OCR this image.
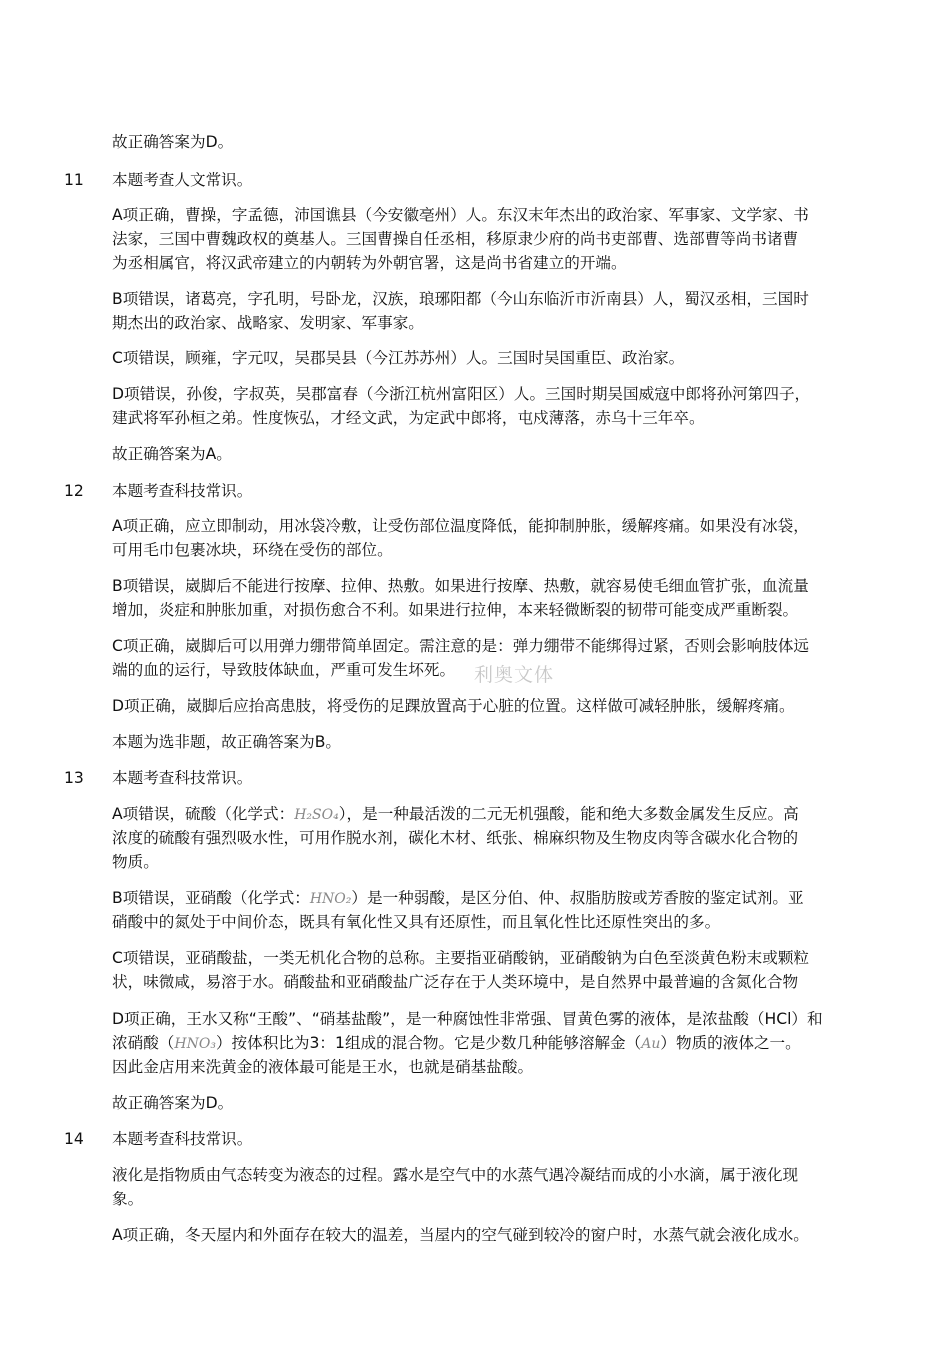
故正确答案为D。
11 本题考查人文常识。
A项正确，曹操，字孟德，沛国谯县（今安徽亳州）人。东汉末年杰出的政治家、军事家、文学家、书
法家，三国中曹魏政权的奠基人。三国曹操自任丞相，移原隶少府的尚书吏部曹、选部曹等尚书诸曹
为丞相属官，将汉武帝建立的内朝转为外朝官署，这是尚书省建立的开端。
B项错误，诸葛亮，字孔明，号卧龙，汉族，琅琊阳都（今山东临沂市沂南县）人，蜀汉丞相，三国时
期杰出的政治家、战略家、发明家、军事家。
C项错误，顾雍，字元叹，吴郡吴县（今江苏苏州）人。三国时吴国重臣、政治家。
D项错误，孙俊，字叔英，吴郡富春（今浙江杭州富阳区）人。三国时期吴国威寇中郎将孙河第四子，
建武将军孙桓之弟。性度恢弘，才经文武，为定武中郎将，屯戍薄落，赤乌十三年卒。
故正确答案为A。
12 本题考查科技常识。
A项正确，应立即制动，用冰袋冷敷，让受伤部位温度降低，能抑制肿胀，缓解疼痛。如果没有冰袋，
可用毛巾包裹冰块，环绕在受伤的部位。
B项错误，崴脚后不能进行按摩、拉伸、热敷。如果进行按摩、热敷，就容易使毛细血管扩张，血流量
增加，炎症和肿胀加重，对损伤愈合不利。如果进行拉伸，本来轻微断裂的韧带可能变成严重断裂。
C项正确，崴脚后可以用弹力绷带简单固定。需注意的是：弹力绷带不能绑得过紧，否则会影响肢体远
端的血的运行，导致肢体缺血，严重可发生坏死。 利奥文体
D项正确，崴脚后应抬高患肢，将受伤的足踝放置高于心脏的位置。这样做可减轻肿胀，缓解疼痛。
本题为选非题，故正确答案为B。
13 本题考查科技常识。
A项错误，硫酸（化学式：H₂SO₄），是一种最活泼的二元无机强酸，能和绝大多数金属发生反应。高
浓度的硫酸有强烈吸水性，可用作脱水剂，碳化木材、纸张、棉麻织物及生物皮肉等含碳水化合物的
物质。
B项错误，亚硝酸（化学式：HNO₂）是一种弱酸，是区分伯、仲、叔脂肪胺或芳香胺的鉴定试剂。亚
硝酸中的氮处于中间价态，既具有氧化性又具有还原性，而且氧化性比还原性突出的多。
C项错误，亚硝酸盐，一类无机化合物的总称。主要指亚硝酸钠，亚硝酸钠为白色至淡黄色粉末或颗粒
状，味微咸，易溶于水。硝酸盐和亚硝酸盐广泛存在于人类环境中，是自然界中最普遍的含氮化合物
D项正确，王水又称“王酸”、“硝基盐酸”，是一种腐蚀性非常强、冒黄色雾的液体，是浓盐酸（HCl）和
浓硝酸（HNO₃）按体积比为3：1组成的混合物。它是少数几种能够溶解金（Au）物质的液体之一。
因此金店用来洗黄金的液体最可能是王水，也就是硝基盐酸。
故正确答案为D。
14 本题考查科技常识。
液化是指物质由气态转变为液态的过程。露水是空气中的水蒸气遇冷凝结而成的小水滴，属于液化现
象。
A项正确，冬天屋内和外面存在较大的温差，当屋内的空气碰到较冷的窗户时，水蒸气就会液化成水。
